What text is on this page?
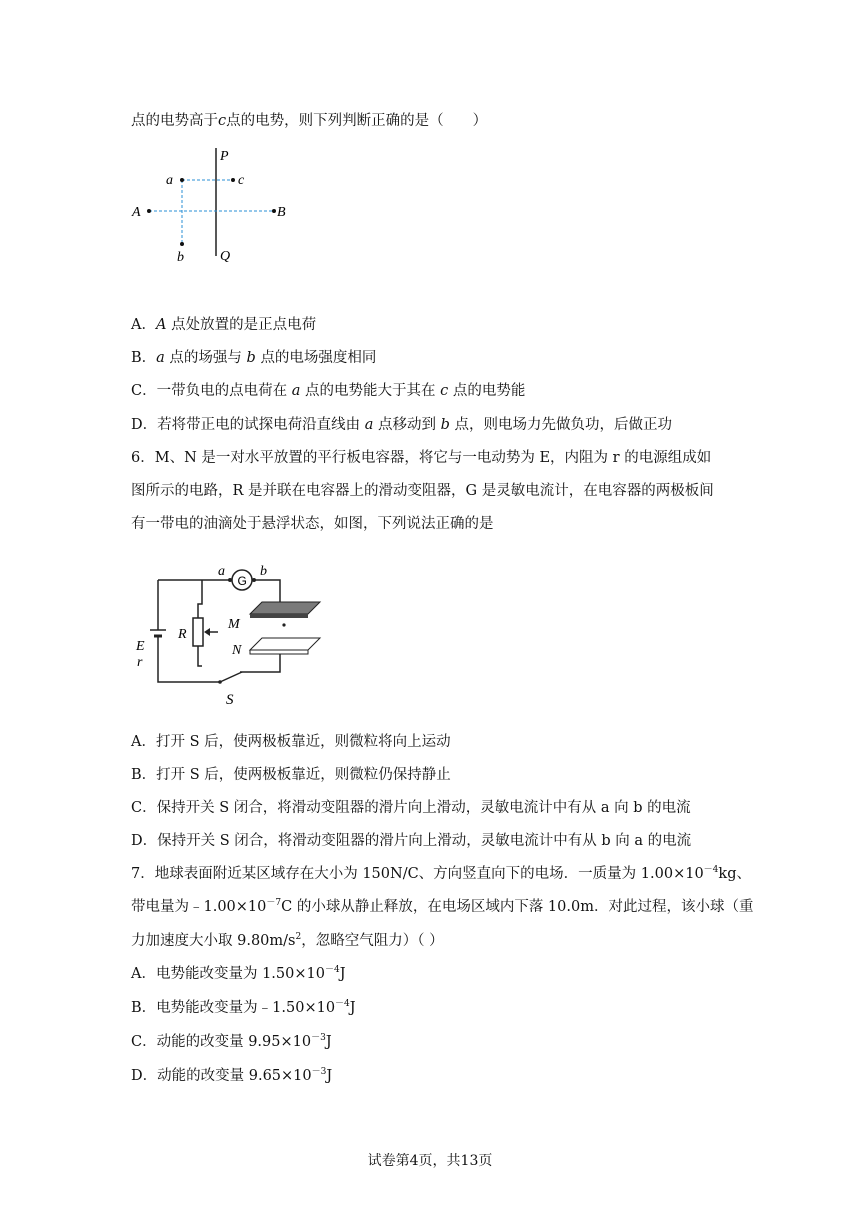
点的电势高于c点的电势，则下列判断正确的是（　　）
P
Q
a	c
A	B
b
A．A 点处放置的是正点电荷
B．a 点的场强与 b 点的电场强度相同
C．一带负电的点电荷在 a 点的电势能大于其在 c 点的电势能
D．若将带正电的试探电荷沿直线由 a 点移动到 b 点，则电场力先做负功，后做正功
6．M、N 是一对水平放置的平行板电容器，将它与一电动势为 E，内阻为 r 的电源组成如
图所示的电路，R 是并联在电容器上的滑动变阻器，G 是灵敏电流计，在电容器的两极板间
有一带电的油滴处于悬浮状态，如图，下列说法正确的是
G
a	b
M
N
R
E
r
S
A．打开 S 后，使两极板靠近，则微粒将向上运动
B．打开 S 后，使两极板靠近，则微粒仍保持静止
C．保持开关 S 闭合，将滑动变阻器的滑片向上滑动，灵敏电流计中有从 a 向 b 的电流
D．保持开关 S 闭合，将滑动变阻器的滑片向上滑动，灵敏电流计中有从 b 向 a 的电流
7．地球表面附近某区域存在大小为 150N/C、方向竖直向下的电场．一质量为 $1.00\times 10^{-4}kg$、
带电量为$﹣1.00\times 10^{-7}C$ 的小球从静止释放，在电场区域内下落 10.0m．对此过程，该小球（重
力加速度大小取 $9.80m/s^2$，忽略空气阻力）（ ）
A．电势能改变量为 $1.50\times 10^{-4}J$
B．电势能改变量为$﹣1.50\times 10^{-4}J$
C．动能的改变量 $9.95\times 10^{-3}J$
D．动能的改变量 $9.65\times 10^{-3}J$
试卷第4页，共13页
